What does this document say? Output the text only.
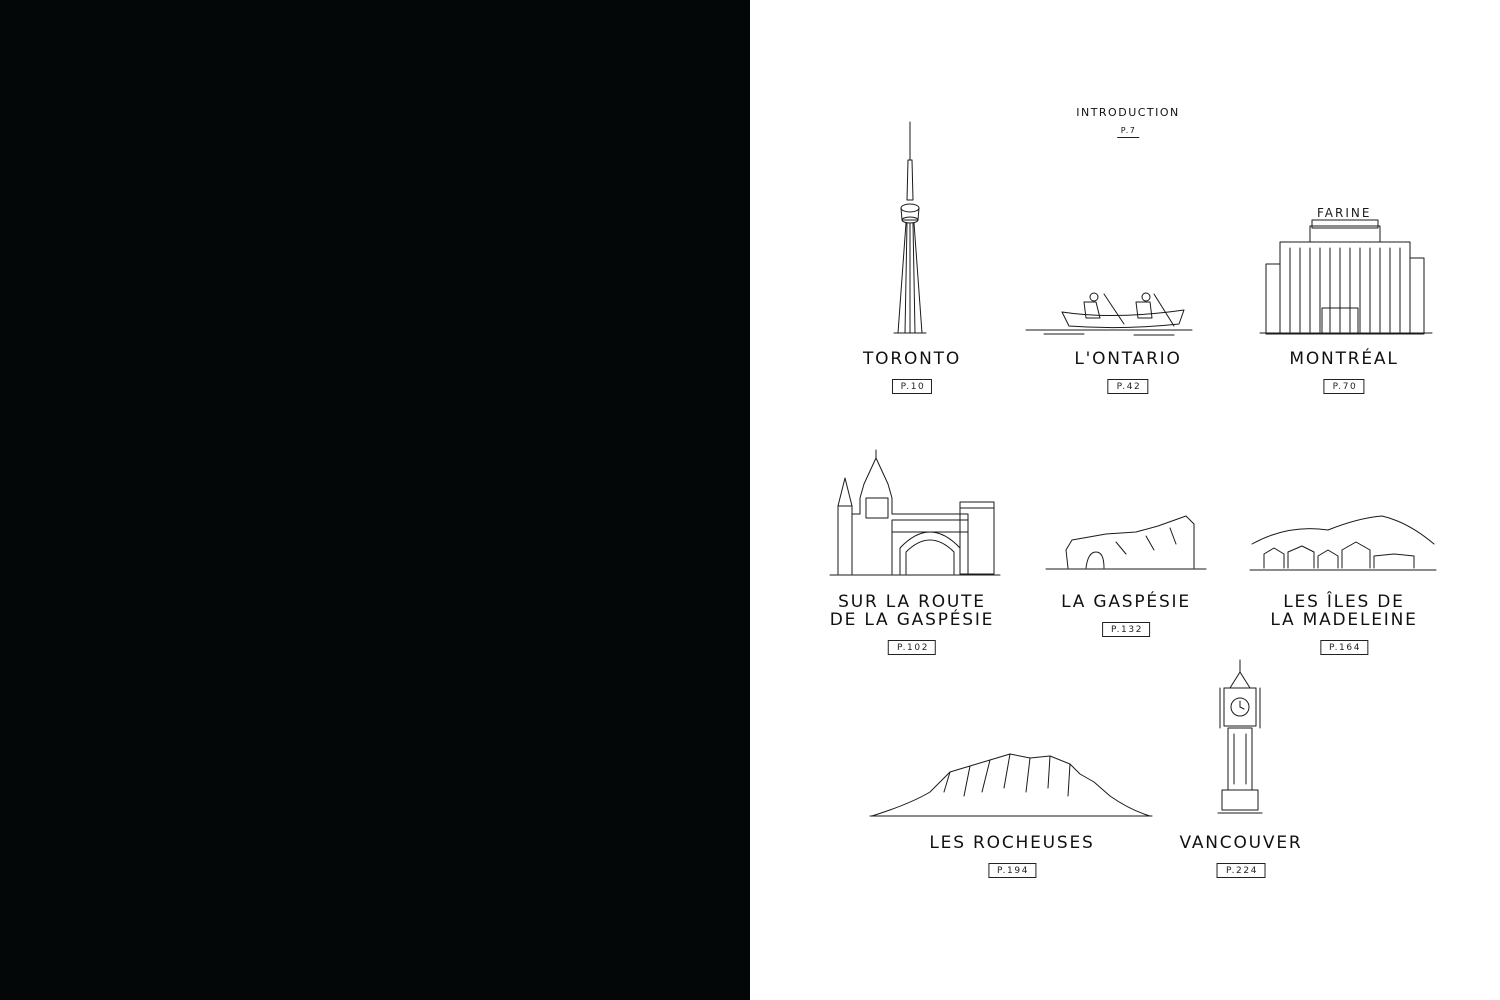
INTRODUCTION
P.7
FARINE
TORONTO
P.10
L'ONTARIO
P.42
MONTRÉAL
P.70
SUR LA ROUTE
DE LA GASPÉSIE
P.102
LA GASPÉSIE
P.132
LES ÎLES DE
LA MADELEINE
P.164
LES ROCHEUSES
P.194
VANCOUVER
P.224
